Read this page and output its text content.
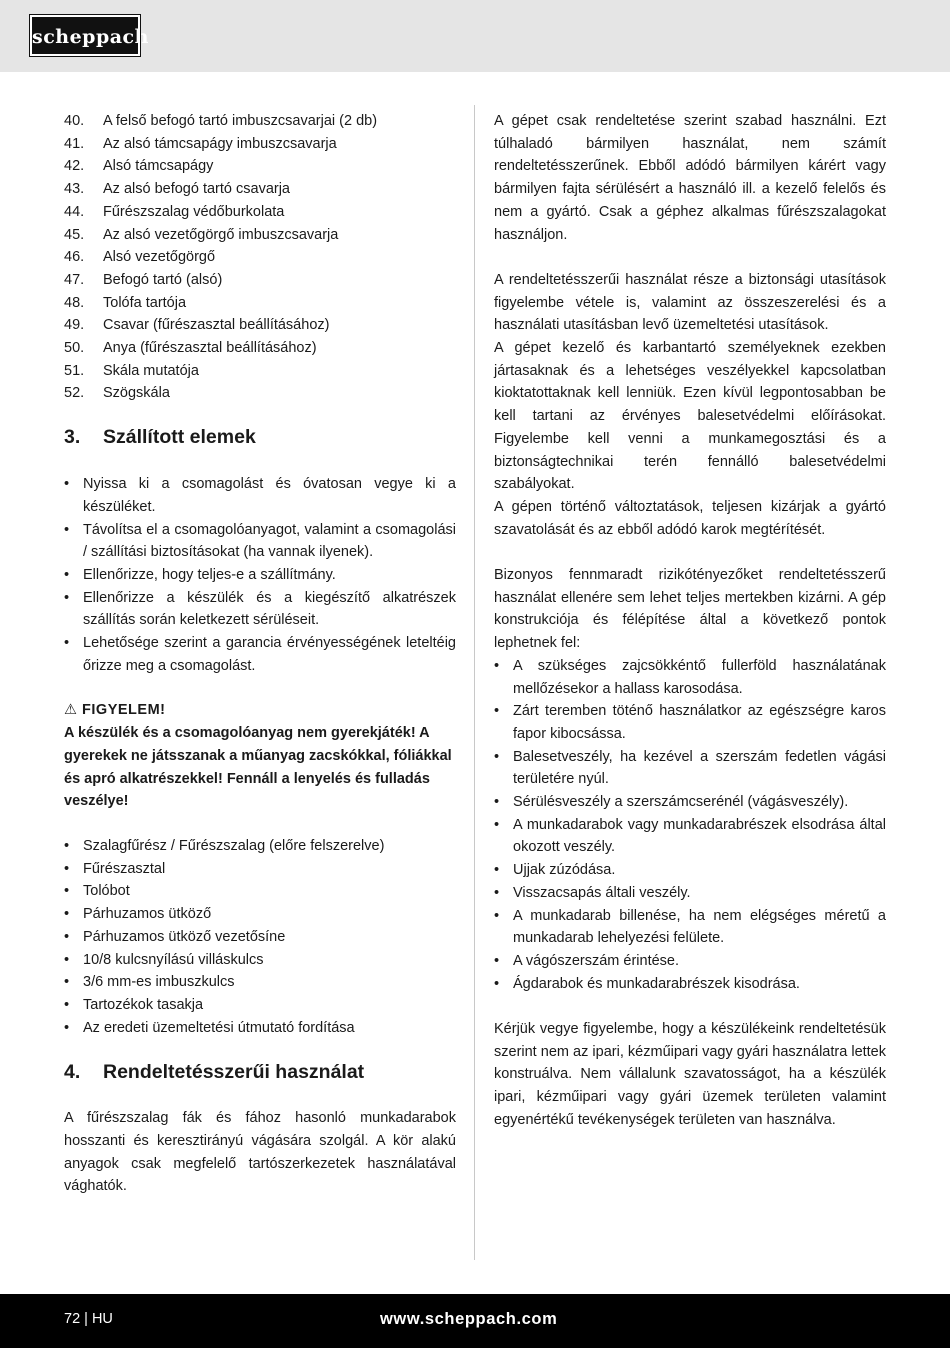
scheppach
40.	A felső befogó tartó imbuszcsavarjai (2 db)
41.	Az alsó támcsapágy imbuszcsavarja
42.	Alsó támcsapágy
43.	Az alsó befogó tartó csavarja
44.	Fűrészszalag védőburkolata
45.	Az alsó vezetőgörgő imbuszcsavarja
46.	Alsó vezetőgörgő
47.	Befogó tartó (alsó)
48.	Tolófa tartója
49.	Csavar (fűrészasztal beállításához)
50.	Anya (fűrészasztal beállításához)
51.	Skála mutatója
52.	Szögskála
3.	Szállított elemek
• Nyissa ki a csomagolást és óvatosan vegye ki a készüléket.
• Távolítsa el a csomagolóanyagot, valamint a csomagolási / szállítási biztosításokat (ha vannak ilyenek).
• Ellenőrizze, hogy teljes-e a szállítmány.
• Ellenőrizze a készülék és a kiegészítő alkatrészek szállítás során keletkezett sérüléseit.
• Lehetősége szerint a garancia érvényességének leteltéig őrizze meg a csomagolást.
⚠ FIGYELEM!

A készülék és a csomagolóanyag nem gyerekjáték! A gyerekek ne játsszanak a műanyag zacskókkal, fóliákkal és apró alkatrészekkel! Fennáll a lenyelés és fulladás veszélye!

• Szalagfűrész / Fűrészszalag (előre felszerelve)
• Fűrészasztal
• Tolóbot
• Párhuzamos ütköző
• Párhuzamos ütköző vezetősíne
• 10/8 kulcsnyílású villáskulcs
• 3/6 mm-es imbuszkulcs
• Tartozékok tasakja
• Az eredeti üzemeltetési útmutató fordítása
4.	Rendeltetésszerűi használat

A fűrészszalag fák és fához hasonló munkadarabok hosszanti és keresztirányú vágására szolgál. A kör alakú anyagok csak megfelelő tartószerkezetek használatával vághatók.

A gépet csak rendeltetése szerint szabad használni. Ezt túlhaladó bármilyen használat, nem számít rendeltetésszerűnek. Ebből adódó bármilyen kárért vagy bármilyen fajta sérülésért a használó ill. a kezelő felelős és nem a gyártó. Csak a géphez alkalmas fűrészszalagokat használjon.

A rendeltetésszerűi használat része a biztonsági utasítások figyelembe vétele is, valamint az összeszerelési és a használati utasításban levő üzemeltetési utasítások.

A gépet kezelő és karbantartó személyeknek ezekben jártasaknak és a lehetséges veszélyekkel kapcsolatban kioktatottaknak kell lenniük. Ezen kívül legpontosabban be kell tartani az érvényes balesetvédelmi előírásokat. Figyelembe kell venni a munkamegosztási és a biztonságtechnikai terén fennálló balesetvédelmi szabályokat.

A gépen történő változtatások, teljesen kizárjak a gyártó szavatolását és az ebből adódó karok megtérítését.

Bizonyos fennmaradt rizikótényezőket rendeltetésszerű használat ellenére sem lehet teljes mertekben kizárni. A gép konstrukciója és félépítése által a következő pontok lephetnek fel:

• A szükséges zajcsökkéntő fullerföld használatának mellőzésekor a hallass karosodása.
• Zárt teremben töténő használatkor az egészségre karos fapor kibocsássa.
• Balesetveszély, ha kezével a szerszám fedetlen vágási területére nyúl.
• Sérülésveszély a szerszámcserénél (vágásveszély).
• A munkadarabok vagy munkadarabrészek elsodrása által okozott veszély.
• Ujjak zúzódása.
• Visszacsapás általi veszély.
• A munkadarab billenése, ha nem elégséges méretű a munkadarab lehelyezési felülete.
• A vágószerszám érintése.
• Ágdarabok és munkadarabrészek kisodrása.

Kérjük vegye figyelembe, hogy a készülékeink rendeltetésük szerint nem az ipari, kézműipari vagy gyári használatra lettek konstruálva. Nem vállalunk szavatosságot, ha a készülék ipari, kézműipari vagy gyári üzemek területen valamint egyenértékű tevékenységek területen van használva.

72 | HU	www.scheppach.com
